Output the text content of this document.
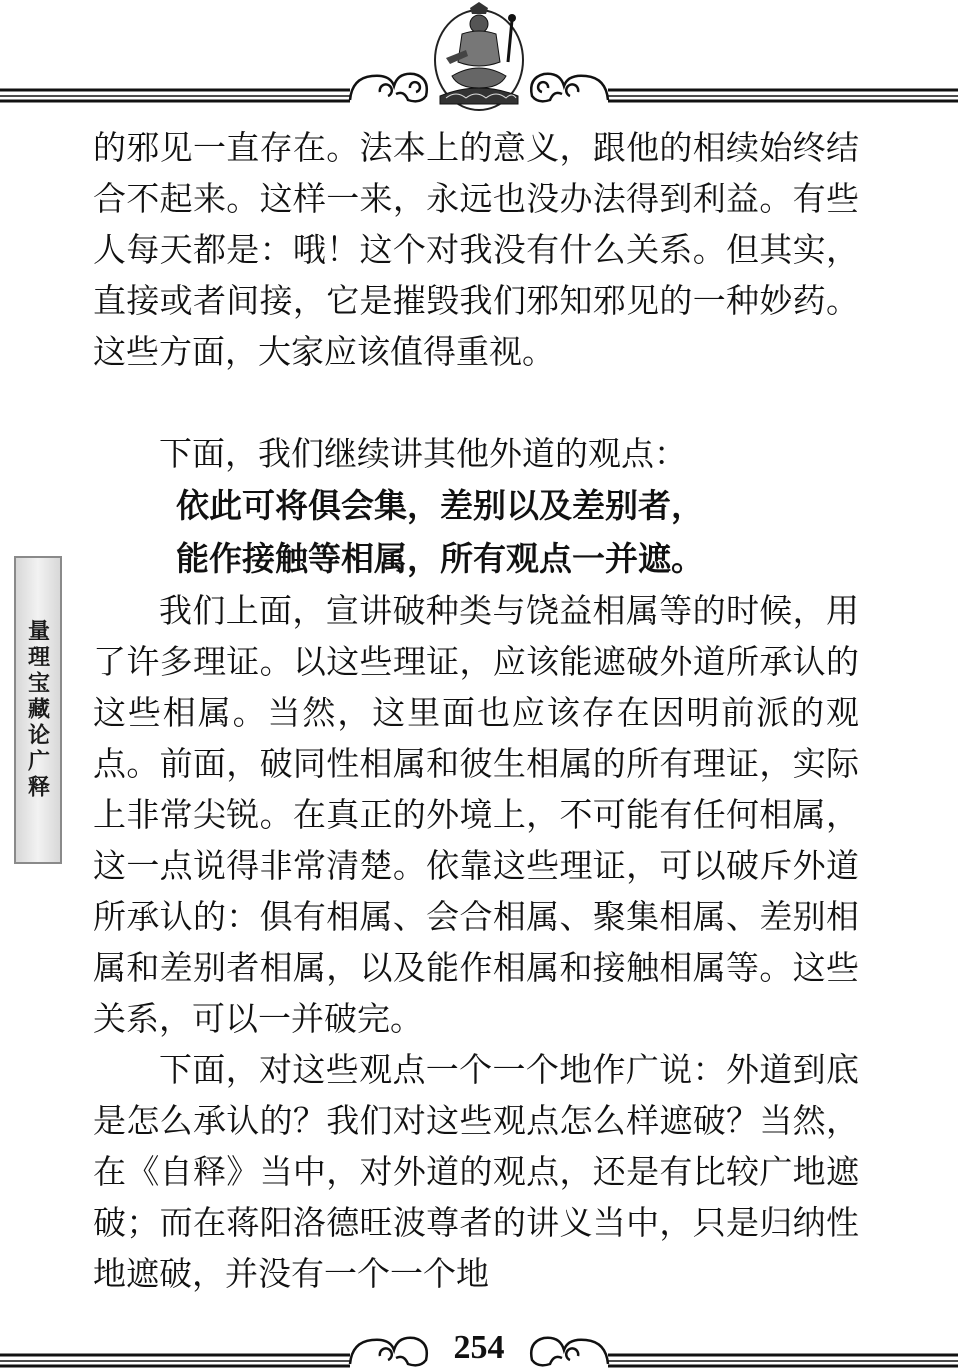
量理宝藏论广释

的邪见一直存在。法本上的意义，跟他的相续始终结合不起来。这样一来，永远也没办法得到利益。有些人每天都是：哦！这个对我没有什么关系。但其实，直接或者间接，它是摧毁我们邪知邪见的一种妙药。这些方面，大家应该值得重视。

下面，我们继续讲其他外道的观点：

依此可将俱会集，差别以及差别者，

能作接触等相属，所有观点一并遮。

我们上面，宣讲破种类与饶益相属等的时候，用了许多理证。以这些理证，应该能遮破外道所承认的这些相属。当然，这里面也应该存在因明前派的观点。前面，破同性相属和彼生相属的所有理证，实际上非常尖锐。在真正的外境上，不可能有任何相属，这一点说得非常清楚。依靠这些理证，可以破斥外道所承认的：俱有相属、会合相属、聚集相属、差别相属和差别者相属，以及能作相属和接触相属等。这些关系，可以一并破完。

下面，对这些观点一个一个地作广说：外道到底是怎么承认的？我们对这些观点怎么样遮破？当然，在《自释》当中，对外道的观点，还是有比较广地遮破；而在蒋阳洛德旺波尊者的讲义当中，只是归纳性地遮破，并没有一个一个地

254
